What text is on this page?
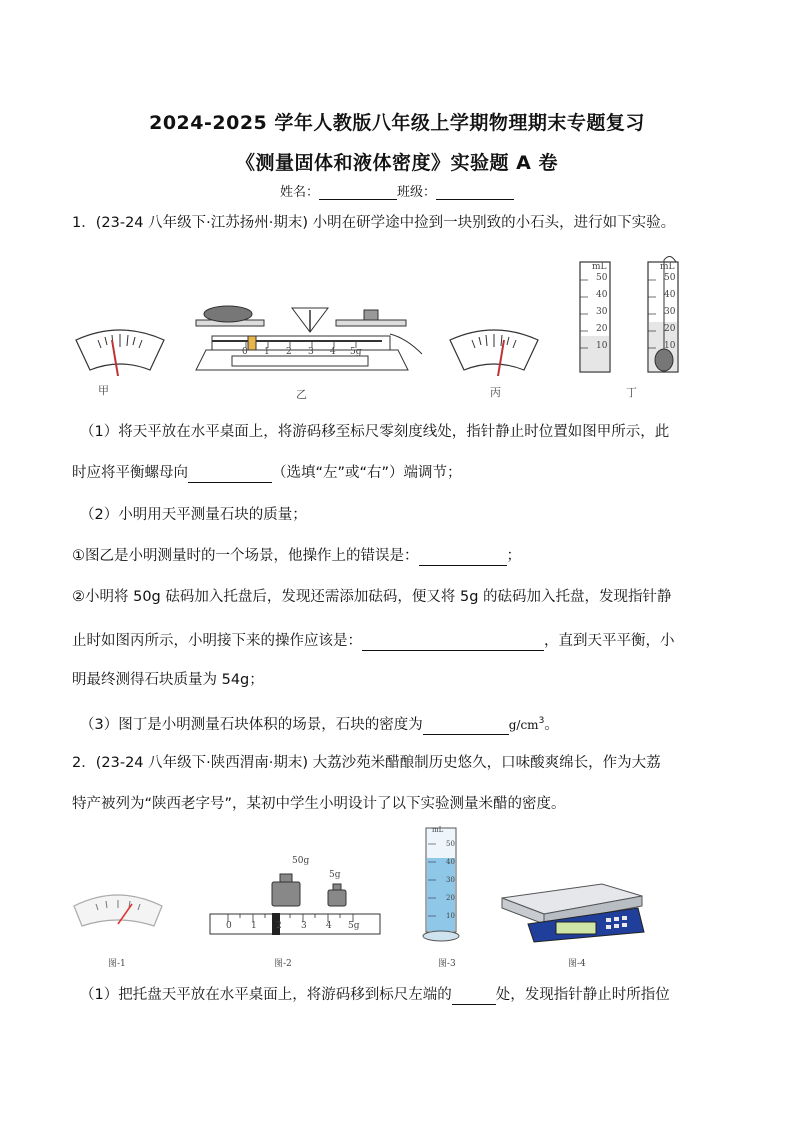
2024-2025 学年人教版八年级上学期物理期末专题复习
《测量固体和液体密度》实验题 A 卷
姓名：	班级：
1．(23-24 八年级下·江苏扬州·期末) 小明在研学途中捡到一块别致的小石头，进行如下实验。
甲
0 1 2 3 4 5g
乙	丙
mL
50
40
30
20
10
mL
50
40
30
20
10
丁
（1）将天平放在水平桌面上，将游码移至标尺零刻度线处，指针静止时位置如图甲所示，此
时应将平衡螺母向	（选填“左”或“右”）端调节；
（2）小明用天平测量石块的质量；
①图乙是小明测量时的一个场景，他操作上的错误是：	；
②小明将 50g 砝码加入托盘后，发现还需添加砝码，便又将 5g 的砝码加入托盘，发现指针静
止时如图丙所示，小明接下来的操作应该是：	，直到天平平衡，小
明最终测得石块质量为 54g；
（3）图丁是小明测量石块体积的场景，石块的密度为	$g/cm^3$。
2．(23-24 八年级下·陕西渭南·期末) 大荔沙苑米醋酿制历史悠久，口味酸爽绵长，作为大荔
特产被列为“陕西老字号”，某初中学生小明设计了以下实验测量米醋的密度。
图-1
50g
5g
0 1 2 3 4 5g
图-2
mL
50
40
30
20
10
图-3	图-4
（1）把托盘天平放在水平桌面上，将游码移到标尺左端的	处，发现指针静止时所指位
